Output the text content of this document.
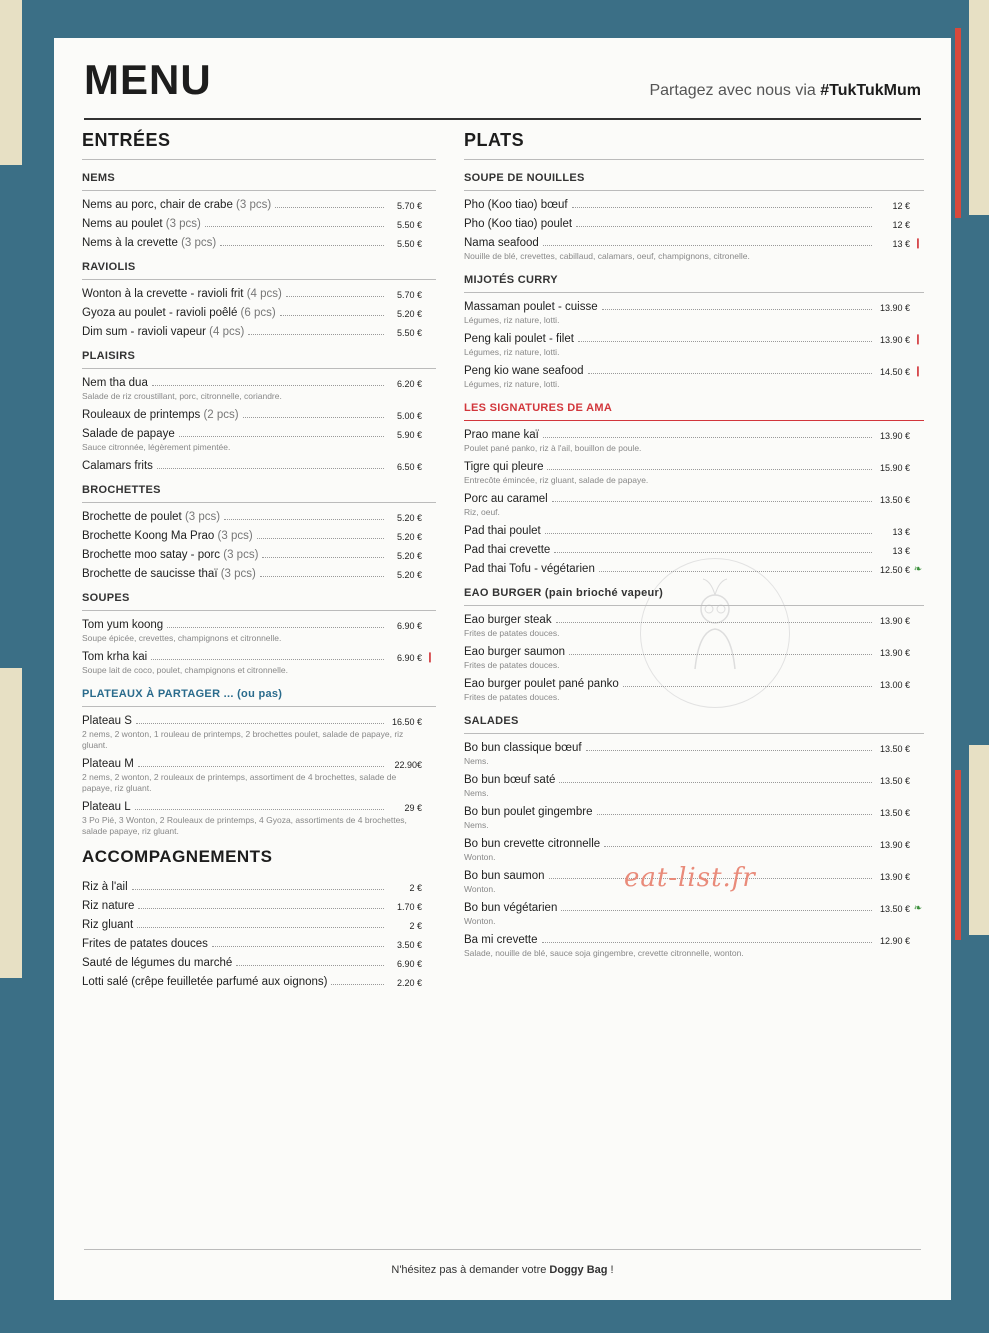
MENU	Partagez avec nous via #TukTukMum
ENTRÉES
NEMS
Nems au porc, chair de crabe (3 pcs)	5.70 €
Nems au poulet (3 pcs)	5.50 €
Nems à la crevette (3 pcs)	5.50 €
RAVIOLIS
Wonton à la crevette - ravioli frit (4 pcs)	5.70 €
Gyoza au poulet - ravioli poêlé (6 pcs)	5.20 €
Dim sum - ravioli vapeur (4 pcs)	5.50 €
PLAISIRS
Nem tha dua	6.20 €
Salade de riz croustillant, porc, citronnelle, coriandre.
Rouleaux de printemps (2 pcs)	5.00 €
Salade de papaye	5.90 €
Sauce citronnée, légèrement pimentée.
Calamars frits	6.50 €
BROCHETTES
Brochette de poulet (3 pcs)	5.20 €
Brochette Koong Ma Prao (3 pcs)	5.20 €
Brochette moo satay - porc (3 pcs)	5.20 €
Brochette de saucisse thaï (3 pcs)	5.20 €
SOUPES
Tom yum koong	6.90 €
Soupe épicée, crevettes, champignons et citronnelle.
Tom krha kai	6.90 € ❙
Soupe lait de coco, poulet, champignons et citronnelle.
PLATEAUX À PARTAGER ... (ou pas)
Plateau S	16.50 €
2 nems, 2 wonton, 1 rouleau de printemps, 2 brochettes poulet, salade de papaye, riz gluant.
Plateau M	22.90€
2 nems, 2 wonton, 2 rouleaux de printemps, assortiment de 4 brochettes, salade de papaye, riz gluant.
Plateau L	29 €
3 Po Pié, 3 Wonton, 2 Rouleaux de printemps, 4 Gyoza, assortiments de 4 brochettes, salade papaye, riz gluant.
ACCOMPAGNEMENTS
Riz à l'ail	2 €
Riz nature	1.70 €
Riz gluant	2 €
Frites de patates douces	3.50 €
Sauté de légumes du marché	6.90 €
Lotti salé (crêpe feuilletée parfumé aux oignons)	2.20 €
PLATS
SOUPE DE NOUILLES
Pho (Koo tiao) bœuf	12 €
Pho (Koo tiao) poulet	12 €
Nama seafood	13 € ❙
Nouille de blé, crevettes, cabillaud, calamars, oeuf, champignons, citronelle.
MIJOTÉS CURRY
Massaman poulet - cuisse	13.90 €
Légumes, riz nature, lotti.
Peng kali poulet - filet	13.90 € ❙
Légumes, riz nature, lotti.
Peng kio wane seafood	14.50 € ❙
Légumes, riz nature, lotti.
LES SIGNATURES DE AMA
Prao mane kaï	13.90 €
Poulet pané panko, riz à l'ail, bouillon de poule.
Tigre qui pleure	15.90 €
Entrecôte émincée, riz gluant, salade de papaye.
Porc au caramel	13.50 €
Riz, oeuf.
Pad thai poulet	13 €
Pad thai crevette	13 €
Pad thai Tofu - végétarien	12.50 € ❧
EAO BURGER (pain brioché vapeur)
Eao burger steak	13.90 €
Frites de patates douces.
Eao burger saumon	13.90 €
Frites de patates douces.
Eao burger poulet pané panko	13.00 €
Frites de patates douces.
SALADES
Bo bun classique bœuf	13.50 €
Nems.
Bo bun bœuf saté	13.50 €
Nems.
Bo bun poulet gingembre	13.50 €
Nems.
Bo bun crevette citronnelle	13.90 €
Wonton.
Bo bun saumon	13.90 €
Wonton.
Bo bun végétarien	13.50 € ❧
Wonton.
Ba mi crevette	12.90 €
Salade, nouille de blé, sauce soja gingembre, crevette citronnelle, wonton.
eat-list.fr
N'hésitez pas à demander votre Doggy Bag !
